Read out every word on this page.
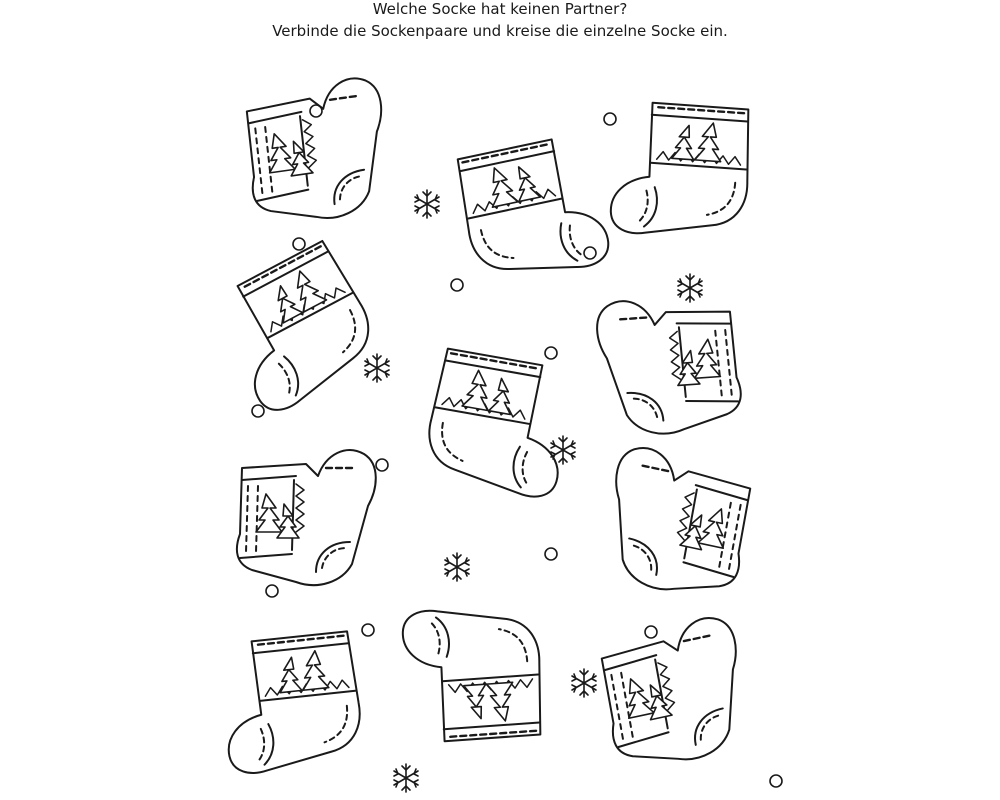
Welche Socke hat keinen Partner?
Verbinde die Sockenpaare und kreise die einzelne Socke ein.
